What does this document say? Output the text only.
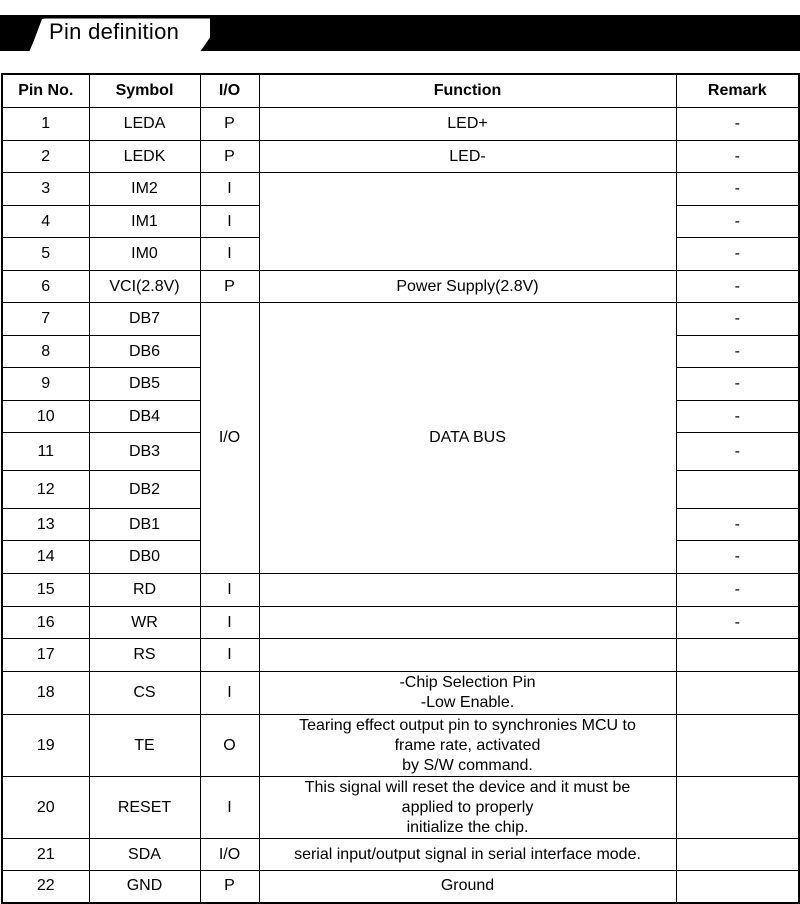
Pin definition
Pin No.	Symbol	I/O	Function	Remark
1	LEDA	P	LED+	-
2	LEDK	P	LED-	-
3	IM2	I		-
4	IM1	I		-
5	IM0	I		-
6	VCI(2.8V)	P	Power Supply(2.8V)	-
7	DB7	I/O	DATA BUS	-
8	DB6			-
9	DB5			-
10	DB4			-
11	DB3			-
12	DB2			
13	DB1			-
14	DB0			-
15	RD	I		-
16	WR	I		-
17	RS	I		
18	CS	I	-Chip Selection Pin
-Low Enable.	

19	TE	O	Tearing effect output pin to synchronies MCU to
frame rate, activated
by S/W command.	

20	RESET	I	This signal will reset the device and it must be
applied to properly
initialize the chip.	

21	SDA	I/O	serial input/output signal in serial interface mode.	
22	GND	P	Ground	
